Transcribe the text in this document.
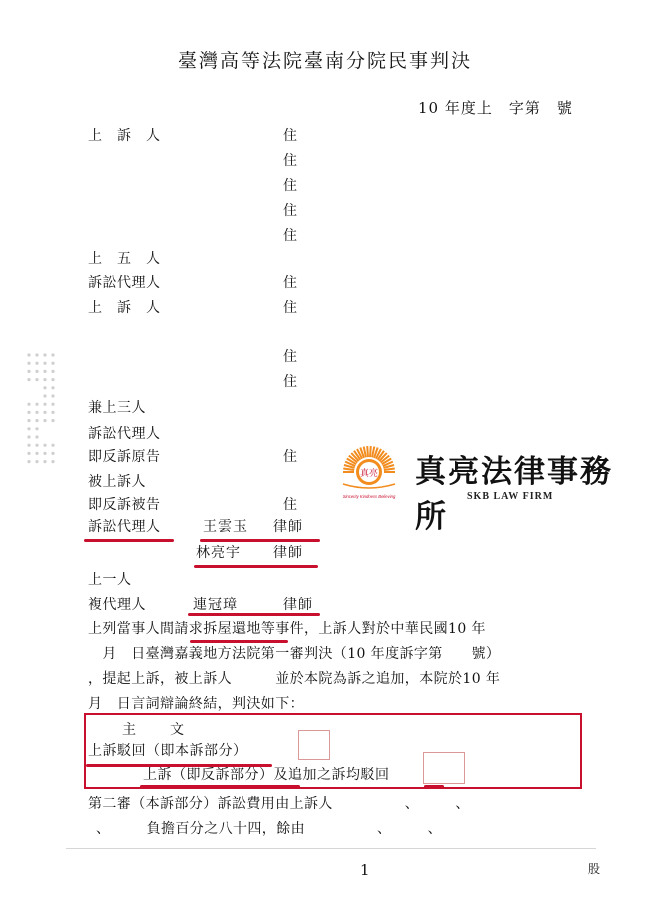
臺灣高等法院臺南分院民事判決
10 年度上　字第　號
上　訴　人	住
住
住
住
住
上　五　人
訴訟代理人	住
上　訴　人	住
住
住
兼上三人
訴訟代理人
即反訴原告	住
被上訴人
即反訴被告	住
訴訟代理人	王雲玉 律師
林亮宇 律師
上一人
複代理人	連冠璋	律師
上列當事人間請求拆屋還地等事件，上訴人對於中華民國10 年
　月　日臺灣嘉義地方法院第一審判決（10 年度訴字第　　號）
，提起上訴，被上訴人　　　並於本院為訴之追加，本院於10 年
月　日言詞辯論終結，判決如下：
主　　文
上訴駁回（即本訴部分）
上訴（即反訴部分）及追加之訴均駁回
第二審（本訴部分）訴訟費用由上訴人　　　　　、　　　、
、　　　負擔百分之八十四，餘由　　　　　、　　　、
真亮
Sincerity Kindness Believing
真亮法律事務所
SKB LAW FIRM
1	股
